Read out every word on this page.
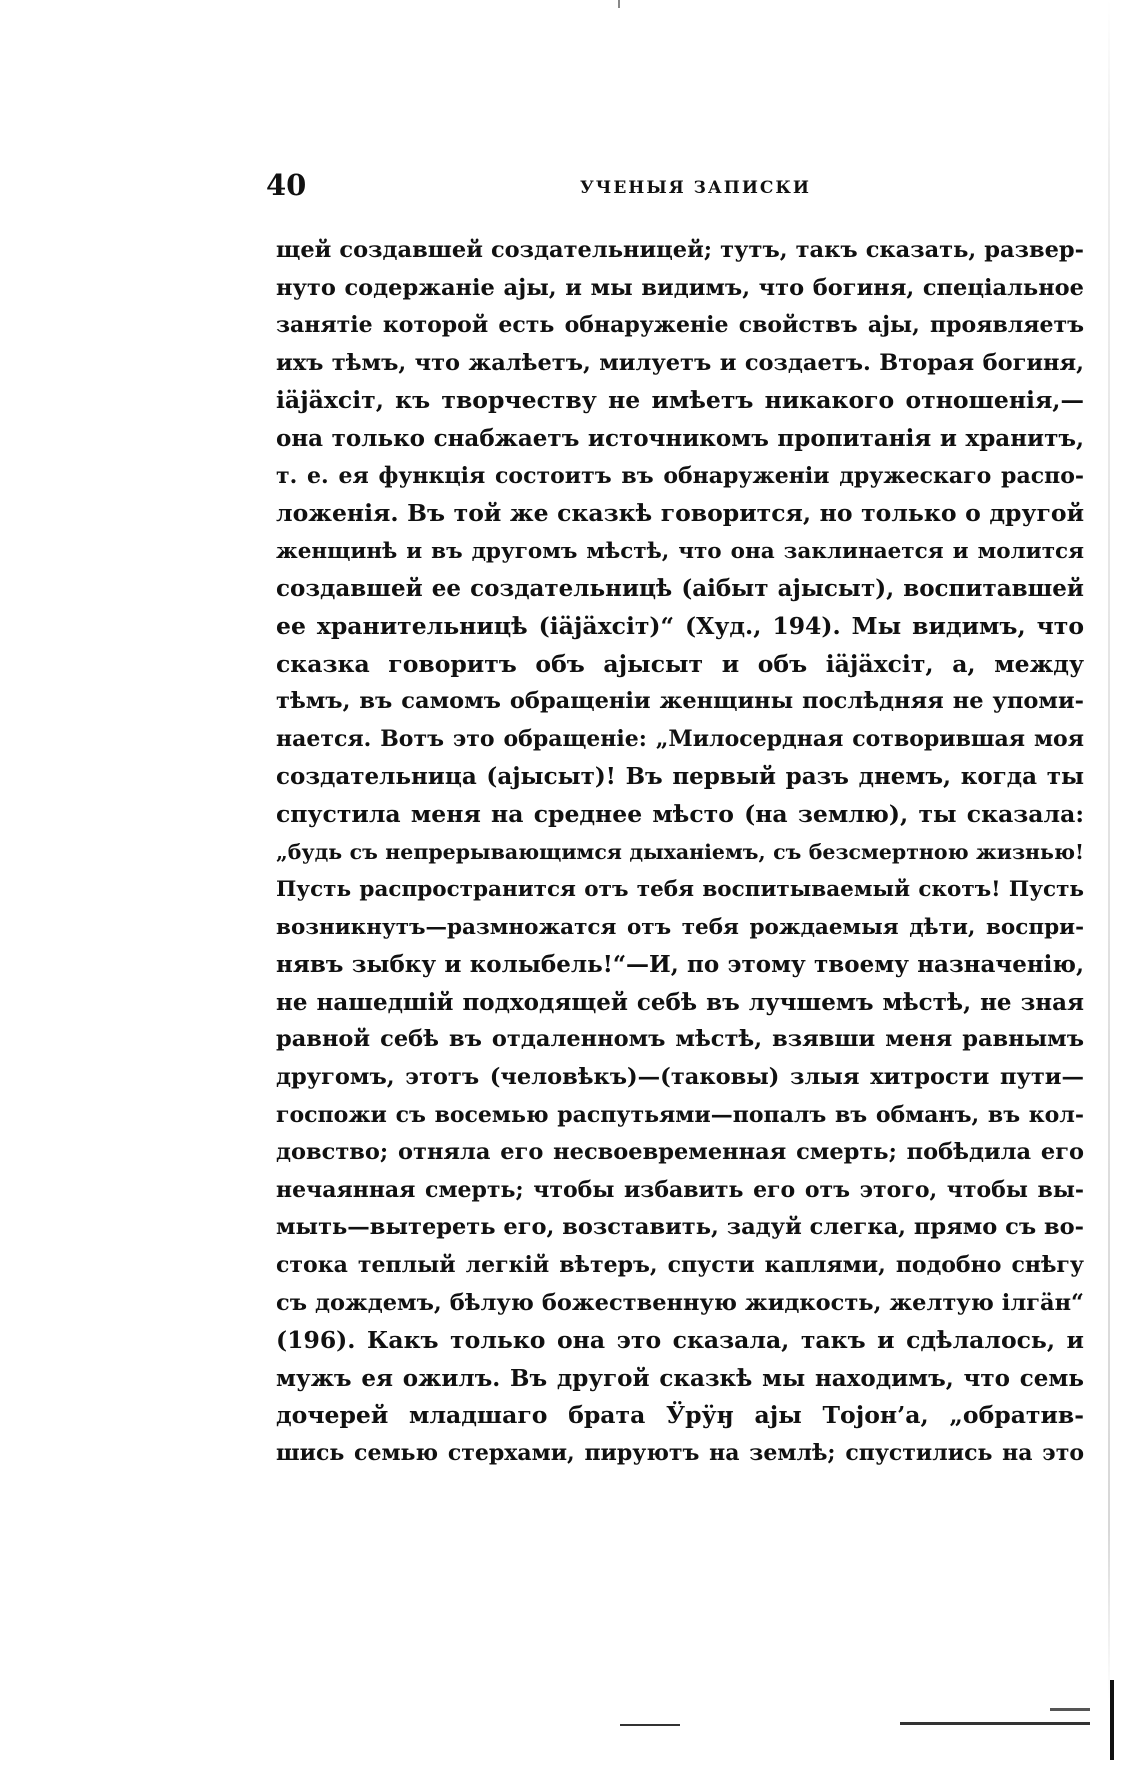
40	УЧЕНЫЯ ЗАПИСКИ
щей создавшей создательницей; тутъ, такъ сказать, развер-
нуто содержаніе ајы, и мы видимъ, что богиня, спеціальное
занятіе которой есть обнаруженіе свойствъ ајы, проявляетъ
ихъ тѣмъ, что жалѣетъ, милуетъ и создаетъ. Вторая богиня,
іäјäхсіт, къ творчеству не имѣетъ никакого отношенія,—
она только снабжаетъ источникомъ пропитанія и хранитъ,
т. е. ея функція состоитъ въ обнаруженіи дружескаго распо-
ложенія. Въ той же сказкѣ говорится, но только о другой
женщинѣ и въ другомъ мѣстѣ, что она заклинается и молится
создавшей ее создательницѣ (аібыт ајысыт), воспитавшей
ее хранительницѣ (іäјäхсіт)“ (Худ., 194). Мы видимъ, что
сказка говоритъ объ ајысыт и объ іäјäхсіт, а, между
тѣмъ, въ самомъ обращеніи женщины послѣдняя не упоми-
нается. Вотъ это обращеніе: „Милосердная сотворившая моя
создательница (ајысыт)! Въ первый разъ днемъ, когда ты
спустила меня на среднее мѣсто (на землю), ты сказала:
„будь съ непрерывающимся дыханіемъ, съ безсмертною жизнью!
Пусть распространится отъ тебя воспитываемый скотъ! Пусть
возникнутъ—размножатся отъ тебя рождаемыя дѣти, воспри-
нявъ зыбку и колыбель!“—И, по этому твоему назначенію,
не нашедшій подходящей себѣ въ лучшемъ мѣстѣ, не зная
равной себѣ въ отдаленномъ мѣстѣ, взявши меня равнымъ
другомъ, этотъ (человѣкъ)—(таковы) злыя хитрости пути—
госпожи съ восемью распутьями—попалъ въ обманъ, въ кол-
довство; отняла его несвоевременная смерть; побѣдила его
нечаянная смерть; чтобы избавить его отъ этого, чтобы вы-
мыть—вытереть его, возставить, задуй слегка, прямо съ во-
стока теплый легкій вѣтеръ, спусти каплями, подобно снѣгу
съ дождемъ, бѣлую божественную жидкость, желтую ілгäн“
(196). Какъ только она это сказала, такъ и сдѣлалось, и
мужъ ея ожилъ. Въ другой сказкѣ мы находимъ, что семь
дочерей младшаго брата Ӱрӱӈ ајы Тојон’а, „обратив-
шись семью стерхами, пируютъ на землѣ; спустились на это
